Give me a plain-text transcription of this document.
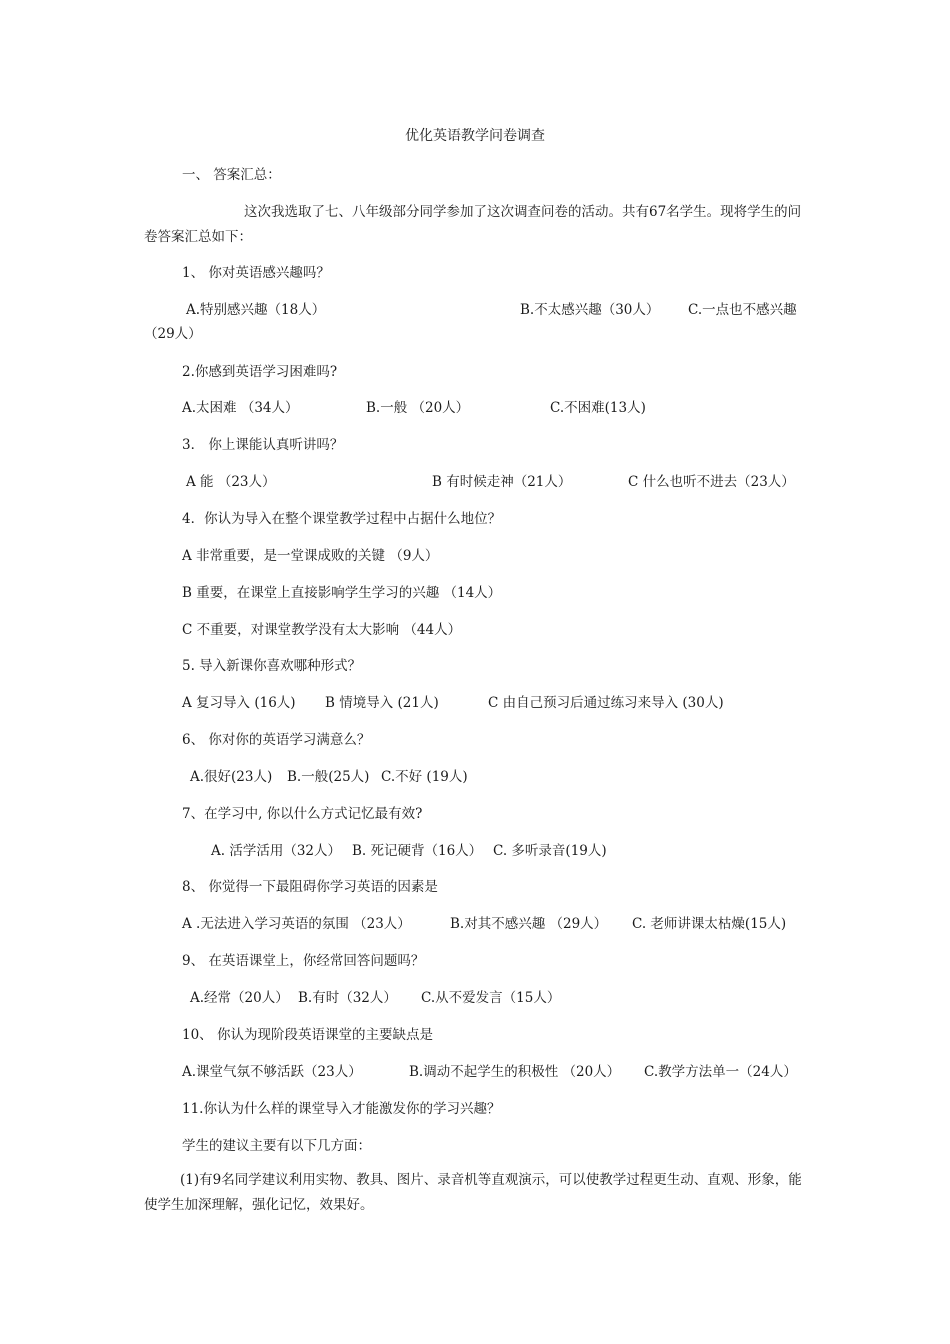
优化英语教学问卷调查
一、 答案汇总：
这次我选取了七、八年级部分同学参加了这次调查问卷的活动。共有67名学生。现将学生的问卷答案汇总如下：
1、 你对英语感兴趣吗？
A.特别感兴趣（18人）	B.不太感兴趣（30人） C.一点也不感兴趣
（29人）
2.你感到英语学习困难吗?
A.太困难 （34人）	B.一般 （20人）	C.不困难(13人)
3． 你上课能认真听讲吗？
A 能 （23人）	B 有时候走神（21人）	C 什么也听不进去（23人）
4．你认为导入在整个课堂教学过程中占据什么地位？
A 非常重要，是一堂课成败的关键 （9人）
B 重要，在课堂上直接影响学生学习的兴趣 （14人）
C 不重要，对课堂教学没有太大影响 （44人）
5. 导入新课你喜欢哪种形式？
A 复习导入 (16人) B 情境导入 (21人)	C 由自己预习后通过练习来导入 (30人)
6、 你对你的英语学习满意么？
A.很好(23人) B.一般(25人) C.不好 (19人)
7、在学习中, 你以什么方式记忆最有效?
A. 活学活用（32人） B. 死记硬背（16人） C. 多听录音(19人)
8、 你觉得一下最阻碍你学习英语的因素是
A .无法进入学习英语的氛围 （23人）	B.对其不感兴趣 （29人） C. 老师讲课太枯燥(15人)
9、 在英语课堂上，你经常回答问题吗？
A.经常（20人） B.有时（32人） C.从不爱发言（15人）
10、 你认为现阶段英语课堂的主要缺点是
A.课堂气氛不够活跃（23人）	B.调动不起学生的积极性 （20人） C.教学方法单一（24人）
11.你认为什么样的课堂导入才能激发你的学习兴趣？
学生的建议主要有以下几方面：
(1)有9名同学建议利用实物、教具、图片、录音机等直观演示，可以使教学过程更生动、直观、形象，能使学生加深理解，强化记忆，效果好。
